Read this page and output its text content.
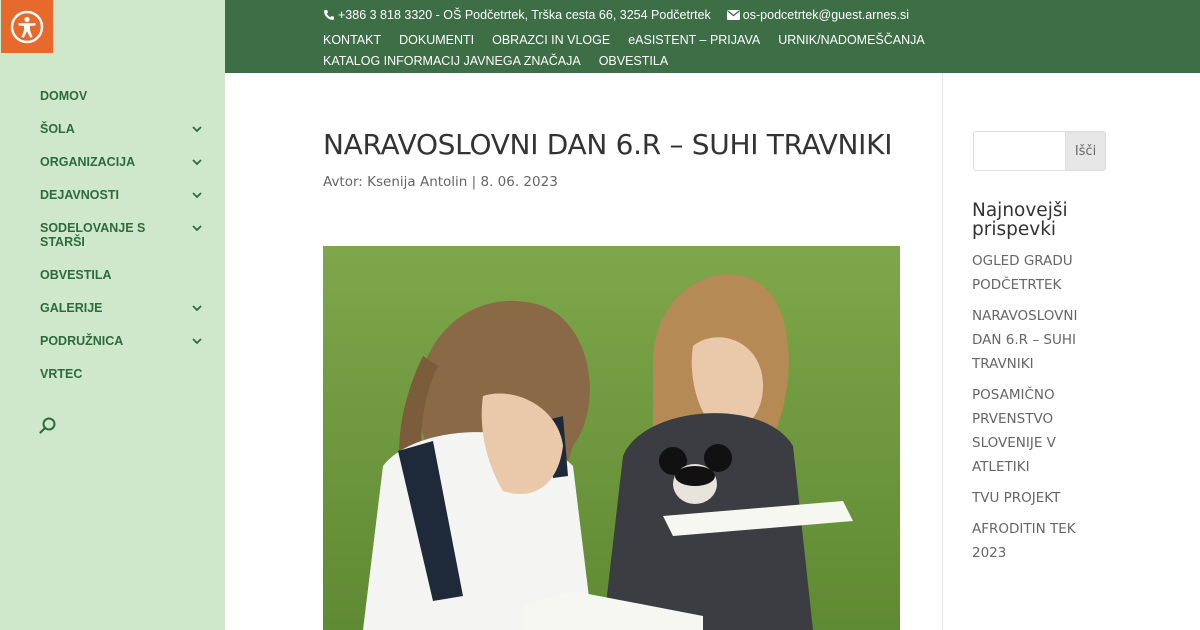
DOMOV
ŠOLA
ORGANIZACIJA
DEJAVNOSTI
SODELOVANJE S STARŠI
OBVESTILA
GALERIJE
PODRUŽNICA
VRTEC
+386 3 818 3320 - OŠ Podčetrtek, Trška cesta 66, 3254 Podčetrtek	os-podcetrtek@guest.arnes.si
KONTAKT DOKUMENTI OBRAZCI IN VLOGE eASISTENT – PRIJAVA URNIK/NADOMEŠČANJA
KATALOG INFORMACIJ JAVNEGA ZNAČAJA OBVESTILA
NARAVOSLOVNI DAN 6.R – SUHI TRAVNIKI
Avtor: Ksenija Antolin | 8. 06. 2023
Išči
Najnovejši prispevki
OGLED GRADU PODČETRTEK
NARAVOSLOVNI DAN 6.R – SUHI TRAVNIKI
POSAMIČNO PRVENSTVO SLOVENIJE V ATLETIKI
TVU PROJEKT
AFRODITIN TEK 2023
